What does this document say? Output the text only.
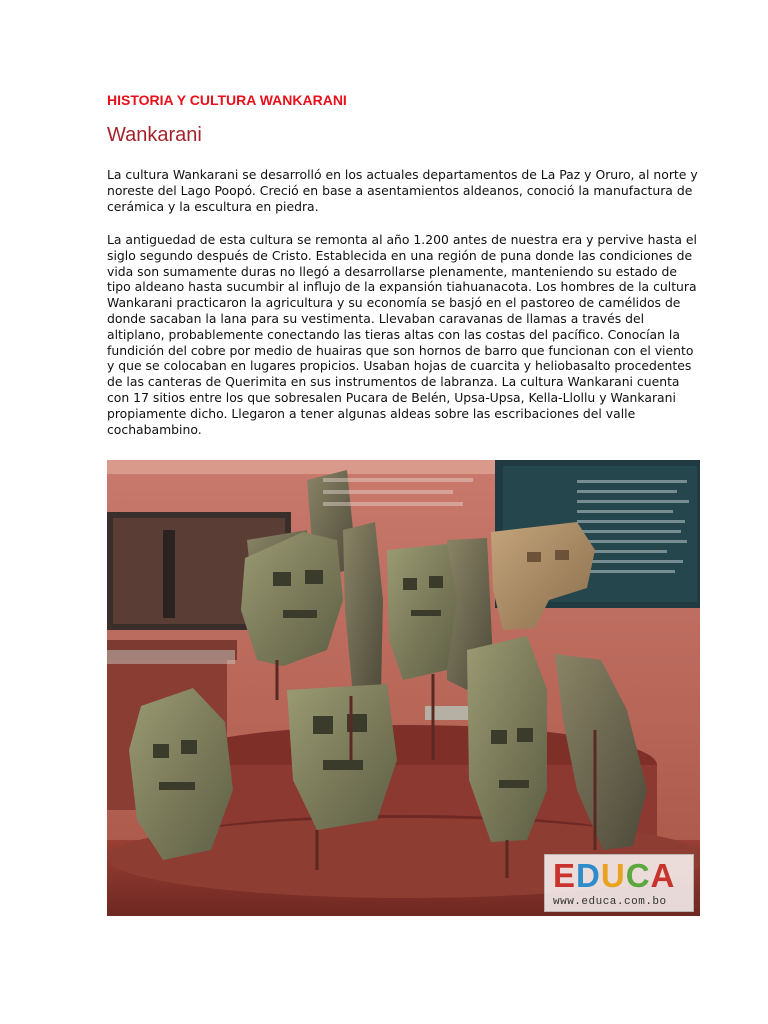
HISTORIA Y CULTURA WANKARANI
Wankarani

La cultura Wankarani se desarrolló en los actuales departamentos de La Paz y Oruro, al norte y noreste del Lago Poopó. Creció en base a asentamientos aldeanos, conoció la manufactura de cerámica y la escultura en piedra.

La antiguedad de esta cultura se remonta al año 1.200 antes de nuestra era y pervive hasta el siglo segundo después de Cristo. Establecida en una región de puna donde las condiciones de vida son sumamente duras no llegó a desarrollarse plenamente, manteniendo su estado de tipo aldeano hasta sucumbir al influjo de la expansión tiahuanacota. Los hombres de la cultura Wankarani practicaron la agricultura y su economía se basjó en el pastoreo de camélidos de donde sacaban la lana para su vestimenta. Llevaban caravanas de llamas a través del altiplano, probablemente conectando las tieras altas con las costas del pacífico. Conocían la fundición del cobre por medio de huairas que son hornos de barro que funcionan con el viento y que se colocaban en lugares propicios. Usaban hojas de cuarcita y heliobasalto procedentes de las canteras de Querimita en sus instrumentos de labranza. La cultura Wankarani cuenta con 17 sitios entre los que sobresalen Pucara de Belén, Upsa-Upsa, Kella-Llollu y Wankarani propiamente dicho. Llegaron a tener algunas aldeas sobre las escribaciones del valle cochabambino.

EDUCA
www.educa.com.bo
